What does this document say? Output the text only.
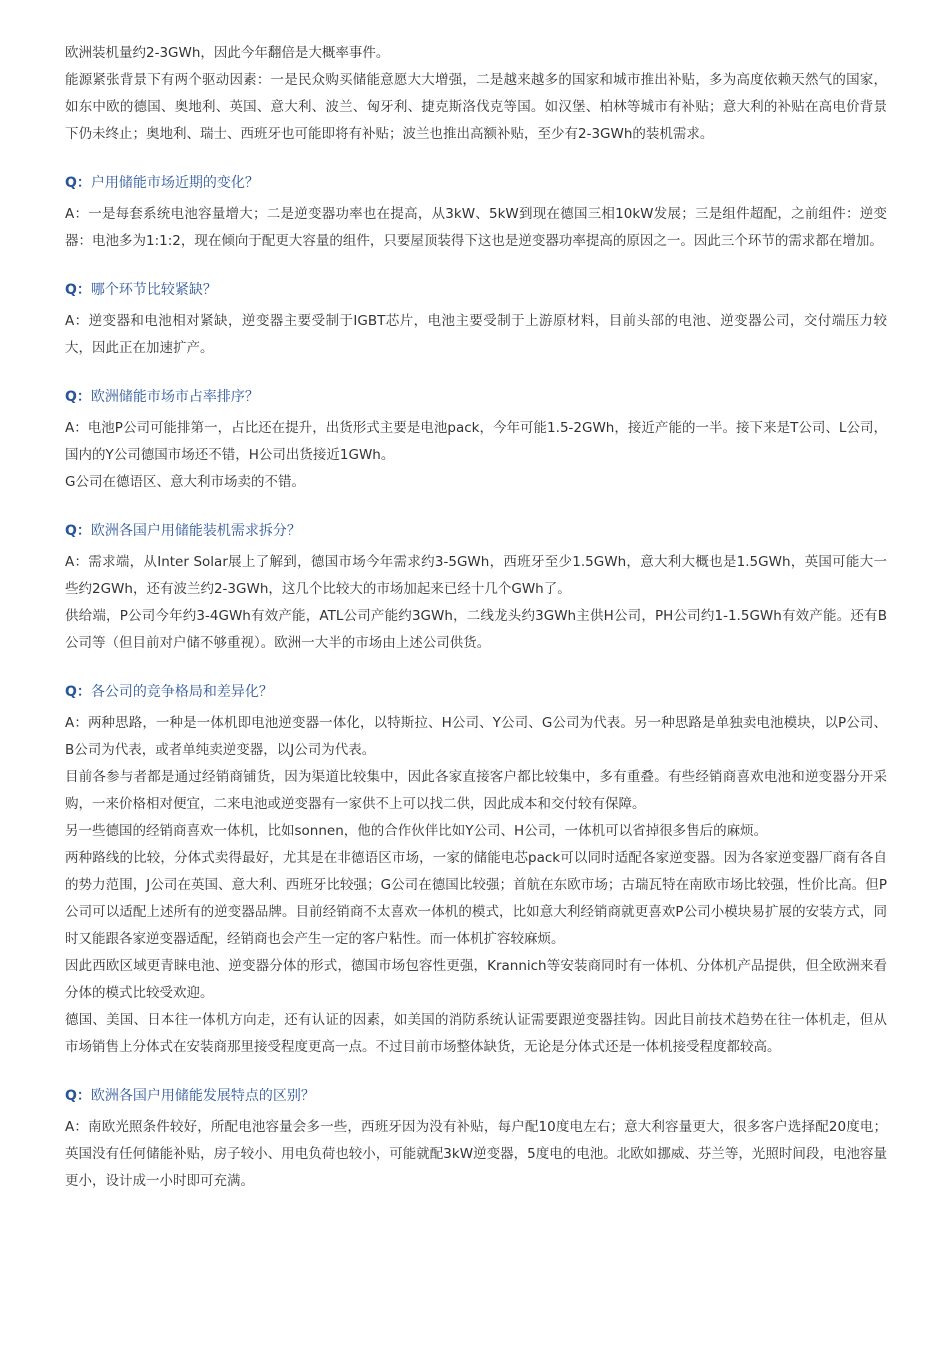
欧洲装机量约2-3GWh，因此今年翻倍是大概率事件。

能源紧张背景下有两个驱动因素：一是民众购买储能意愿大大增强，二是越来越多的国家和城市推出补贴，多为高度依赖天然气的国家，如东中欧的德国、奥地利、英国、意大利、波兰、匈牙利、捷克斯洛伐克等国。如汉堡、柏林等城市有补贴；意大利的补贴在高电价背景下仍未终止；奥地利、瑞士、西班牙也可能即将有补贴；波兰也推出高额补贴，至少有2-3GWh的装机需求。

Q：户用储能市场近期的变化？

A：一是每套系统电池容量增大；二是逆变器功率也在提高，从3kW、5kW到现在德国三相10kW发展；三是组件超配，之前组件：逆变器：电池多为1:1:2，现在倾向于配更大容量的组件，只要屋顶装得下这也是逆变器功率提高的原因之一。因此三个环节的需求都在增加。

Q：哪个环节比较紧缺？

A：逆变器和电池相对紧缺，逆变器主要受制于IGBT芯片，电池主要受制于上游原材料，目前头部的电池、逆变器公司，交付端压力较大，因此正在加速扩产。

Q：欧洲储能市场市占率排序？

A：电池P公司可能排第一，占比还在提升，出货形式主要是电池pack，今年可能1.5-2GWh，接近产能的一半。接下来是T公司、L公司，国内的Y公司德国市场还不错，H公司出货接近1GWh。

G公司在德语区、意大利市场卖的不错。

Q：欧洲各国户用储能装机需求拆分？

A：需求端，从Inter Solar展上了解到，德国市场今年需求约3-5GWh，西班牙至少1.5GWh，意大利大概也是1.5GWh，英国可能大一些约2GWh，还有波兰约2-3GWh，这几个比较大的市场加起来已经十几个GWh了。

供给端，P公司今年约3-4GWh有效产能，ATL公司产能约3GWh，二线龙头约3GWh主供H公司，PH公司约1-1.5GWh有效产能。还有B公司等（但目前对户储不够重视）。欧洲一大半的市场由上述公司供货。

Q：各公司的竞争格局和差异化？

A：两种思路，一种是一体机即电池逆变器一体化，以特斯拉、H公司、Y公司、G公司为代表。另一种思路是单独卖电池模块，以P公司、B公司为代表，或者单纯卖逆变器，以J公司为代表。

目前各参与者都是通过经销商铺货，因为渠道比较集中，因此各家直接客户都比较集中，多有重叠。有些经销商喜欢电池和逆变器分开采购，一来价格相对便宜，二来电池或逆变器有一家供不上可以找二供，因此成本和交付较有保障。

另一些德国的经销商喜欢一体机，比如sonnen，他的合作伙伴比如Y公司、H公司，一体机可以省掉很多售后的麻烦。

两种路线的比较，分体式卖得最好，尤其是在非德语区市场，一家的储能电芯pack可以同时适配各家逆变器。因为各家逆变器厂商有各自的势力范围，J公司在英国、意大利、西班牙比较强；G公司在德国比较强；首航在东欧市场；古瑞瓦特在南欧市场比较强，性价比高。但P公司可以适配上述所有的逆变器品牌。目前经销商不太喜欢一体机的模式，比如意大利经销商就更喜欢P公司小模块易扩展的安装方式，同时又能跟各家逆变器适配，经销商也会产生一定的客户粘性。而一体机扩容较麻烦。

因此西欧区域更青睐电池、逆变器分体的形式，德国市场包容性更强，Krannich等安装商同时有一体机、分体机产品提供，但全欧洲来看分体的模式比较受欢迎。

德国、美国、日本往一体机方向走，还有认证的因素，如美国的消防系统认证需要跟逆变器挂钩。因此目前技术趋势在往一体机走，但从市场销售上分体式在安装商那里接受程度更高一点。不过目前市场整体缺货，无论是分体式还是一体机接受程度都较高。

Q：欧洲各国户用储能发展特点的区别？

A：南欧光照条件较好，所配电池容量会多一些，西班牙因为没有补贴，每户配10度电左右；意大利容量更大，很多客户选择配20度电；英国没有任何储能补贴，房子较小、用电负荷也较小，可能就配3kW逆变器，5度电的电池。北欧如挪威、芬兰等，光照时间段，电池容量更小，设计成一小时即可充满。
